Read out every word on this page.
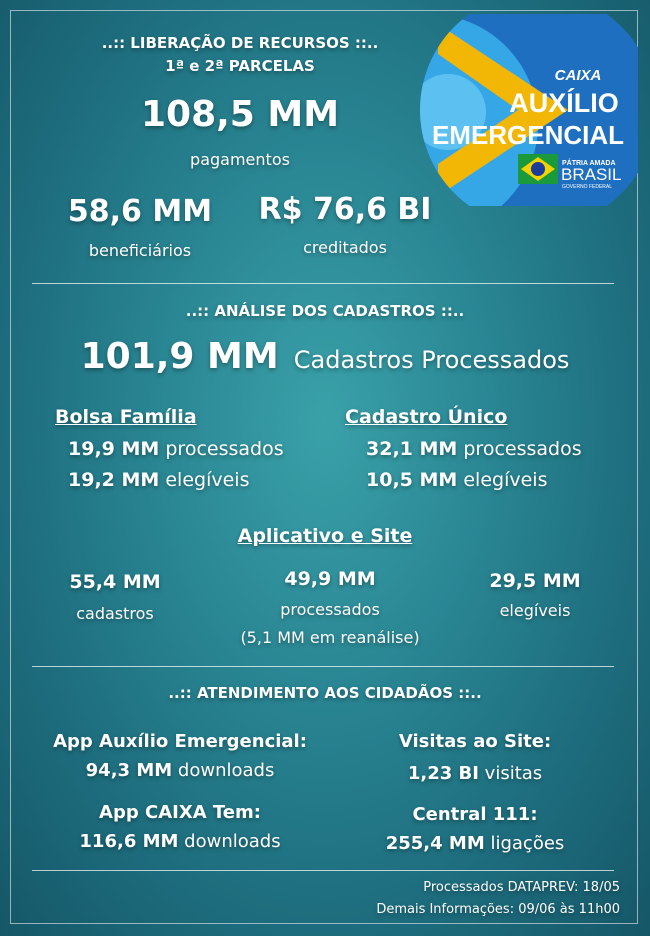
CAIXA
AUXÍLIO
EMERGENCIAL
PÁTRIA AMADA
BRASIL
GOVERNO FEDERAL
..:: LIBERAÇÃO DE RECURSOS ::..
1ª e 2ª PARCELAS
108,5 MM
pagamentos
58,6 MM
beneficiários
R$ 76,6 BI
creditados
..:: ANÁLISE DOS CADASTROS ::..
101,9 MM Cadastros Processados
Bolsa Família
19,9 MM processados
19,2 MM elegíveis
Cadastro Único
32,1 MM processados
10,5 MM elegíveis
Aplicativo e Site
55,4 MM
cadastros
49,9 MM
processados
(5,1 MM em reanálise)
29,5 MM
elegíveis
..:: ATENDIMENTO AOS CIDADÃOS ::..
App Auxílio Emergencial:
94,3 MM downloads
App CAIXA Tem:
116,6 MM downloads
Visitas ao Site:
1,23 BI visitas
Central 111:
255,4 MM ligações
Processados DATAPREV: 18/05
Demais Informações: 09/06 às 11h00
